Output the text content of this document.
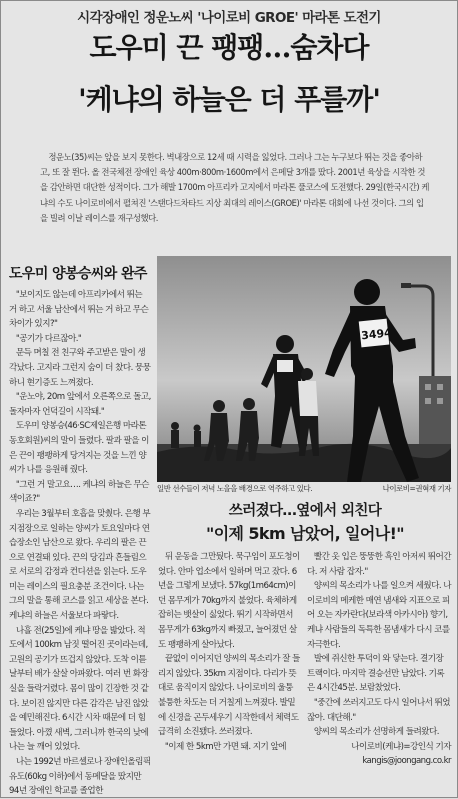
시각장애인 정운노씨 '나이로비 GROE' 마라톤 도전기
도우미 끈 팽팽…숨차다
'케냐의 하늘은 더 푸를까'

정운노(35)씨는 앞을 보지 못한다. 벽내장으로 12세 때 시력을 잃었다. 그러나 그는 누구보다 뛰는 것을 좋아하고, 또 잘 뛴다. 올 전국체전 장애인 육상 400m·800m·1600m에서 은메달 3개를 땄다. 2001년 육상을 시작한 것을 감안하면 대단한 성적이다. 그가 해발 1700m 아프리카 고지에서 마라톤 풀코스에 도전했다. 29일(한국시간) 케냐의 수도 나이로비에서 펼쳐진 '스탠다드차타드 지상 최대의 레이스(GROE)' 마라톤 대회에 나선 것이다. 그의 입을 빌려 이날 레이스를 재구성했다.

도우미 양봉승씨와 완주

"보이지도 않는데 아프리카에서 뛰는 거 하고 서울 남산에서 뛰는 거 하고 무슨 차이가 있지?"

"공기가 다르잖아."

문득 며칠 전 친구와 주고받은 말이 생각났다. 고지라 그런지 숨이 더 찼다. 뭉뭉하니 현기증도 느껴졌다.

"운노야, 20m 앞에서 오른쪽으로 돌고, 돌자마자 언덕길이 시작돼."

도우미 양봉승(46·SC제일은행 마라톤 동호회원)씨의 말이 들렸다. 팔과 팔을 이은 끈이 팽팽하게 당겨지는 것을 느낀 양씨가 나를 응원해 줬다.

"그런 거 말고요…. 케냐의 하늘은 무슨 색이죠?"

우리는 3월부터 호흡을 맞췄다. 은행 부지점장으로 일하는 양씨가 토요일마다 연습장소인 남산으로 왔다. 우리의 팔은 끈으로 연결돼 있다. 끈의 당김과 흔들림으로 서로의 감정과 컨디션을 읽는다. 도우미는 레이스의 필요충분 조건이다. 나는 그의 말을 통해 코스를 읽고 세상을 본다. 케냐의 하늘은 서울보다 파랗다.

나흘 전(25일)에 케냐 땅을 밟았다. 적도에서 100km 남짓 떨어진 곳이라는데, 고원의 공기가 뜨겁지 않았다. 도착 이튿날부터 배가 살살 아파왔다. 여러 번 화장실을 들락거렸다. 몸이 많이 긴장한 것 같다. 보이진 않지만 다른 감각은 남진 않았을 예민해진다. 6시간 시차 때문에 더 힘들었다. 아꼈 새벽, 그러니까 한국의 낮에 나는 늘 깨어 있었다.

나는 1992년 바르셀로나 장애인올림픽 유도(60kg 이하)에서 동메달을 땄지만 94년 장애인 학교를 졸업한

3494
일반 선수들이 저녁 노을을 배경으로 역주하고 있다.	나이로비=권혁재 기자
쓰러졌다…옆에서 외친다
"이제 5km 남았어, 일어나!"

뒤 운동을 그만뒀다. 묵구임이 포도청이었다. 안마 업소에서 일하며 먹고 잤다. 6년을 그렇게 보냈다. 57kg(1m64cm)이던 몸무게가 70kg까지 불었다. 육체하게 잡히는 뱃살이 싫었다. 뛰기 시작하면서 몸무게가 63kg까지 빠졌고, 늘어졌던 살도 팽팽하게 살아났다.

끝없이 이어지던 양씨의 목소리가 잘 들리지 않았다. 35km 지점이다. 다리가 뜻대로 움직이지 않았다. 나이로비의 울퉁불퉁한 차도는 더 거칠게 느껴졌다. 발밑에 신경을 곤두세우기 시작한데서 체력도 급격히 소진됐다. 쓰러졌다.

"이제 한 5km만 가면 돼. 지기 앞에

빨간 옷 입은 뚱뚱한 흑인 아저씨 뛰어간다. 저 사람 잡자."

양씨의 목소리가 나를 일으켜 세웠다. 나이로비의 메케한 매연 냄새와 지표으로 피어 오는 자카란다(보라색 아카시아) 향기, 케냐 사람들의 독특한 몸냄새가 다시 코를 자극한다.

발에 쥐신한 투덕이 와 닿는다. 결기장 트랙이다. 마지막 결승선만 남았다. 기록은 4시간45분. 보람찼었다.

"중간에 쓰러지고도 다시 일어나서 뛰었잖아. 대단해."

양씨의 목소리가 선명하게 들려왔다.

나이로비(케냐)=강인식 기자

kangis@joongang.co.kr
